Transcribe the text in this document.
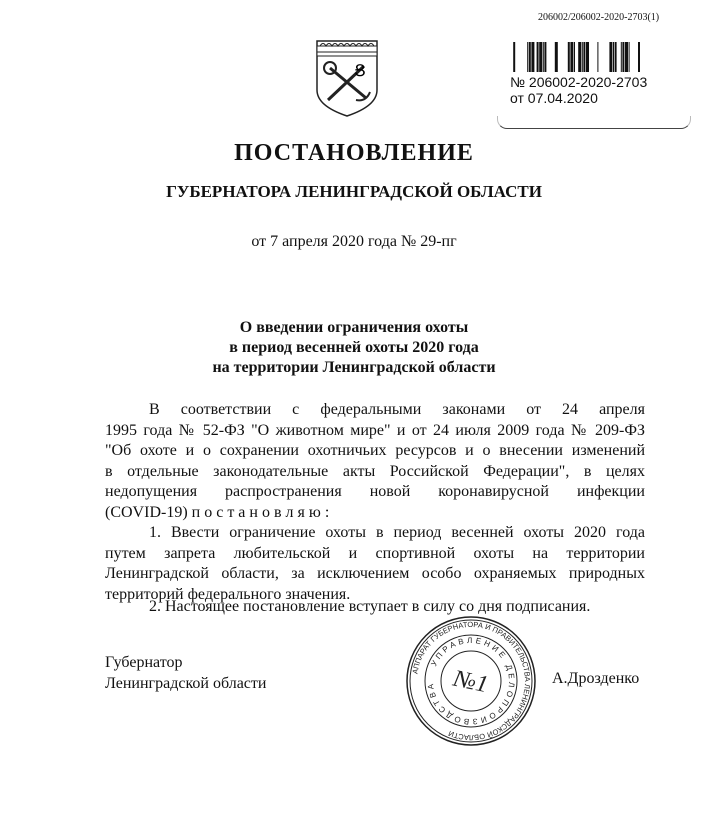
206002/206002-2020-2703(1)
Ց
№ 206002-2020-2703
от 07.04.2020
ПОСТАНОВЛЕНИЕ
ГУБЕРНАТОРА ЛЕНИНГРАДСКОЙ ОБЛАСТИ
от 7 апреля 2020 года № 29-пг
О введении ограничения охоты
в период весенней охоты 2020 года
на территории Ленинградской области
В соответствии с федеральными законами от 24 апреля
1995 года № 52-ФЗ "О животном мире" и от 24 июля 2009 года № 209-ФЗ
"Об охоте и о сохранении охотничьих ресурсов и о внесении изменений
в отдельные законодательные акты Российской Федерации", в целях
недопущения распространения новой коронавирусной инфекции
(COVID-19) п о с т а н о в л я ю :
1. Ввести ограничение охоты в период весенней охоты 2020 года
путем запрета любительской и спортивной охоты на территории
Ленинградской области, за исключением особо охраняемых природных
территорий федерального значения.
2. Настоящее постановление вступает в силу со дня подписания.
Губернатор
Ленинградской области	А.Дрозденко
АППАРАТ ГУБЕРНАТОРА И ПРАВИТЕЛЬСТВА ЛЕНИНГРАДСКОЙ ОБЛАСТИ
УПРАВЛЕНИЕ ДЕЛОПРОИЗВОДСТВА №1
